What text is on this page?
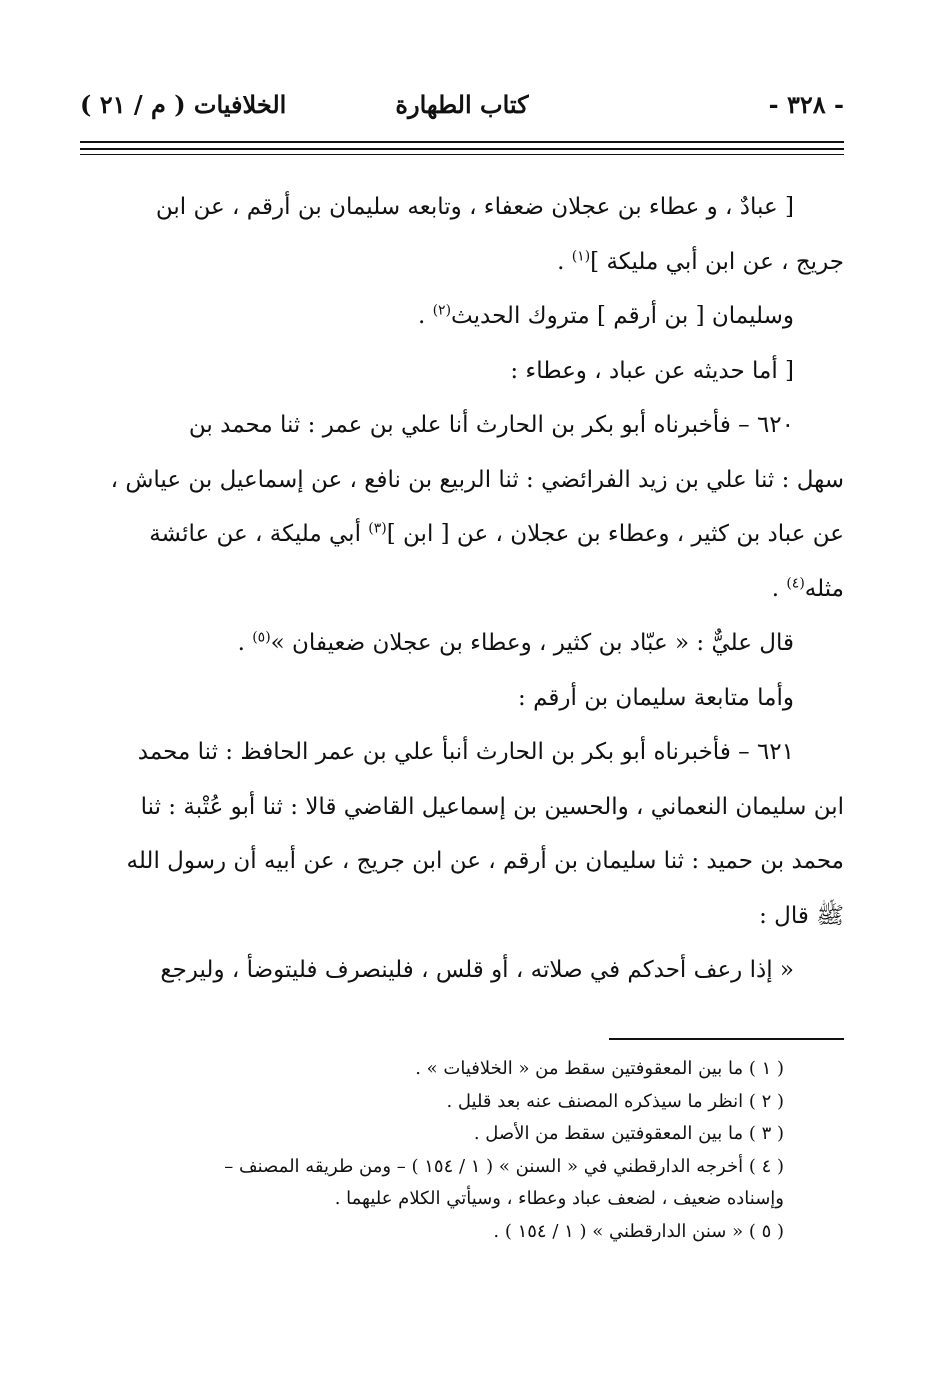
- ٣٢٨ -
كتاب الطهارة
الخلافيات ( م / ٢١ )

[ عبادٌ ، و عطاء بن عجلان ضعفاء ، وتابعه سليمان بن أرقم ، عن ابن

جريج ، عن ابن أبي مليكة ]$^{(١)}$ .

وسليمان [ بن أرقم ] متروك الحديث$^{(٢)}$ .

[ أما حديثه عن عباد ، وعطاء :

٦٢٠ – فأخبرناه أبو بكر بن الحارث أنا علي بن عمر : ثنا محمد بن

سهل : ثنا علي بن زيد الفرائضي : ثنا الربيع بن نافع ، عن إسماعيل بن عياش ،

عن عباد بن كثير ، وعطاء بن عجلان ، عن [ ابن ]$^{(٣)}$ أبي مليكة ، عن عائشة

مثله$^{(٤)}$ .

قال عليٌّ : « عبّاد بن كثير ، وعطاء بن عجلان ضعيفان »$^{(٥)}$ .

وأما متابعة سليمان بن أرقم :

٦٢١ – فأخبرناه أبو بكر بن الحارث أنبأ علي بن عمر الحافظ : ثنا محمد

ابن سليمان النعماني ، والحسين بن إسماعيل القاضي قالا : ثنا أبو عُتْبة : ثنا

محمد بن حميد : ثنا سليمان بن أرقم ، عن ابن جريج ، عن أبيه أن رسول الله

ﷺ قال :

« إذا رعف أحدكم في صلاته ، أو قلس ، فلينصرف فليتوضأ ، وليرجع

( ١ ) ما بين المعقوفتين سقط من « الخلافيات » .

( ٢ ) انظر ما سيذكره المصنف عنه بعد قليل .

( ٣ ) ما بين المعقوفتين سقط من الأصل .

( ٤ ) أخرجه الدارقطني في « السنن » ( ١ / ١٥٤ ) – ومن طريقه المصنف –

وإسناده ضعيف ، لضعف عباد وعطاء ، وسيأتي الكلام عليهما .

( ٥ ) « سنن الدارقطني » ( ١ / ١٥٤ ) .
